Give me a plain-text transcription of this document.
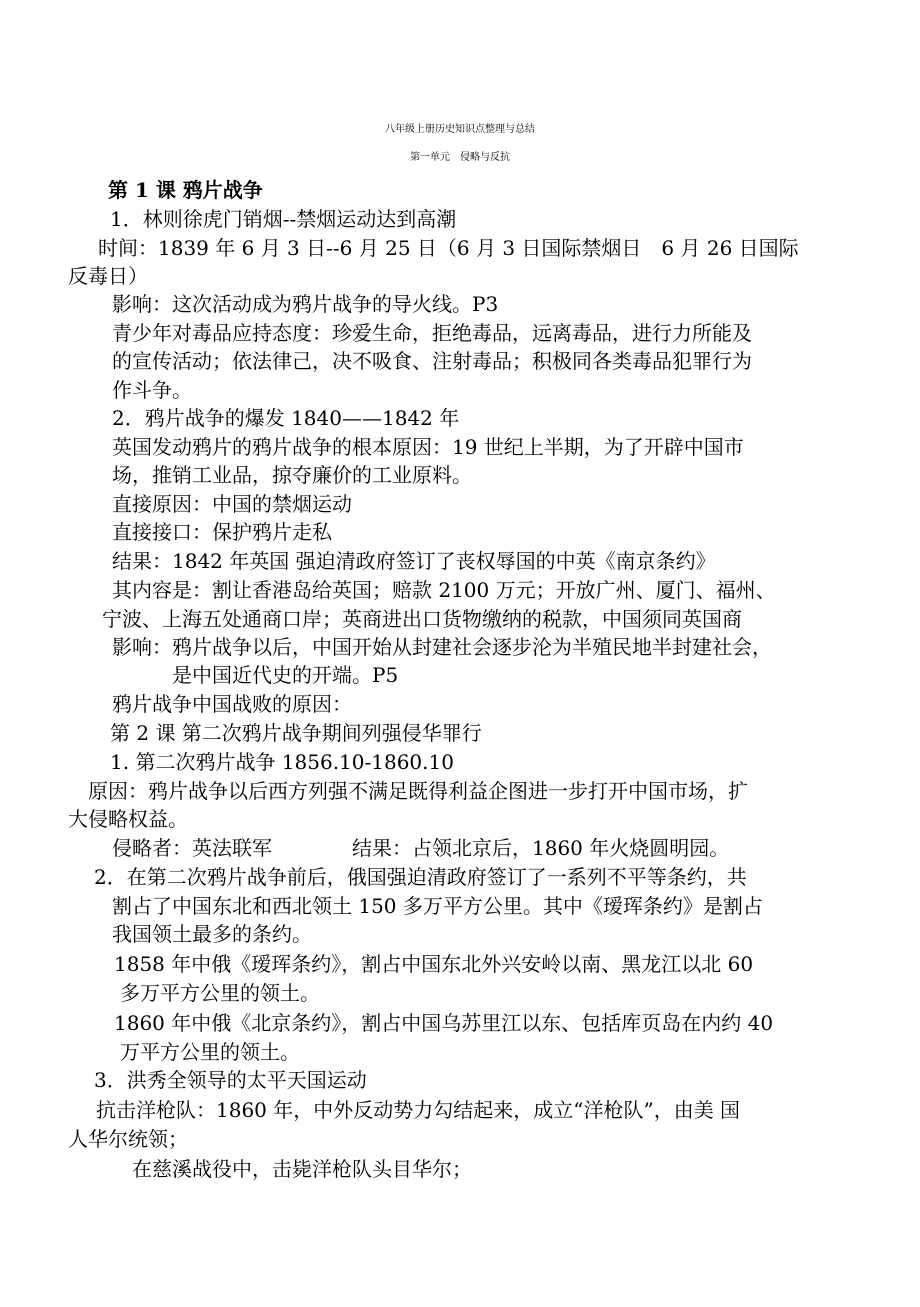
八年级上册历史知识点整理与总结
第一单元　侵略与反抗
第 1 课 鸦片战争
1．林则徐虎门销烟--禁烟运动达到高潮
时间：1839 年 6 月 3 日--6 月 25 日（6 月 3 日国际禁烟日　6 月 26 日国际
反毒日）
影响：这次活动成为鸦片战争的导火线。P3
青少年对毒品应持态度：珍爱生命，拒绝毒品，远离毒品，进行力所能及
的宣传活动；依法律己，决不吸食、注射毒品；积极同各类毒品犯罪行为
作斗争。
2．鸦片战争的爆发 1840——1842 年
英国发动鸦片的鸦片战争的根本原因：19 世纪上半期，为了开辟中国市
场，推销工业品，掠夺廉价的工业原料。
直接原因：中国的禁烟运动
直接接口：保护鸦片走私
结果：1842 年英国 强迫清政府签订了丧权辱国的中英《南京条约》
其内容是：割让香港岛给英国；赔款 2100 万元；开放广州、厦门、福州、
宁波、上海五处通商口岸；英商进出口货物缴纳的税款，中国须同英国商
影响：鸦片战争以后，中国开始从封建社会逐步沦为半殖民地半封建社会，
是中国近代史的开端。P5
鸦片战争中国战败的原因：
第 2 课 第二次鸦片战争期间列强侵华罪行
1. 第二次鸦片战争 1856.10-1860.10
原因：鸦片战争以后西方列强不满足既得利益企图进一步打开中国市场，扩
大侵略权益。
侵略者：英法联军　　　　结果：占领北京后，1860 年火烧圆明园。
2．在第二次鸦片战争前后，俄国强迫清政府签订了一系列不平等条约，共
割占了中国东北和西北领土 150 多万平方公里。其中《瑷珲条约》是割占
我国领土最多的条约。
1858 年中俄《瑷珲条约》，割占中国东北外兴安岭以南、黑龙江以北 60
多万平方公里的领土。
1860 年中俄《北京条约》，割占中国乌苏里江以东、包括库页岛在内约 40
万平方公里的领土。
3．洪秀全领导的太平天国运动
抗击洋枪队：1860 年，中外反动势力勾结起来，成立“洋枪队”，由美 国
人华尔统领；
在慈溪战役中，击毙洋枪队头目华尔；
